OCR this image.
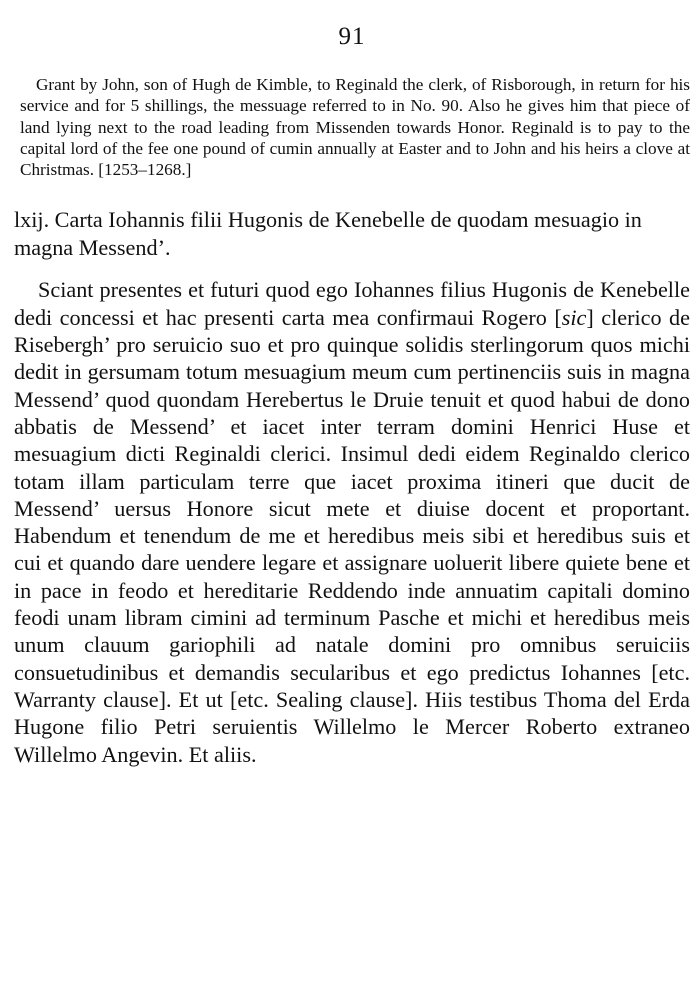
91

Grant by John, son of Hugh de Kimble, to Reginald the clerk, of Risborough, in return for his service and for 5 shillings, the messuage referred to in No. 90. Also he gives him that piece of land lying next to the road leading from Missenden towards Honor. Reginald is to pay to the capital lord of the fee one pound of cumin annually at Easter and to John and his heirs a clove at Christmas. [1253–1268.]

lxij. Carta Iohannis filii Hugonis de Kenebelle de quodam mesuagio in magna Messend’.

Sciant presentes et futuri quod ego Iohannes filius Hugonis de Kenebelle dedi concessi et hac presenti carta mea confirmaui Rogero [sic] clerico de Risebergh’ pro seruicio suo et pro quinque solidis sterlingorum quos michi dedit in gersumam totum mesuagium meum cum pertinenciis suis in magna Messend’ quod quondam Herebertus le Druie tenuit et quod habui de dono abbatis de Messend’ et iacet inter terram domini Henrici Huse et mesuagium dicti Reginaldi clerici. Insimul dedi eidem Reginaldo clerico totam illam particulam terre que iacet proxima itineri que ducit de Messend’ uersus Honore sicut mete et diuise docent et proportant. Habendum et tenendum de me et heredibus meis sibi et heredibus suis et cui et quando dare uendere legare et assignare uoluerit libere quiete bene et in pace in feodo et hereditarie Reddendo inde annuatim capitali domino feodi unam libram cimini ad terminum Pasche et michi et heredibus meis unum clauum gariophili ad natale domini pro omnibus seruiciis consuetudinibus et demandis secularibus et ego predictus Iohannes [etc. Warranty clause]. Et ut [etc. Sealing clause]. Hiis testibus Thoma del Erda Hugone filio Petri seruientis Willelmo le Mercer Roberto extraneo Willelmo Angevin. Et aliis.
